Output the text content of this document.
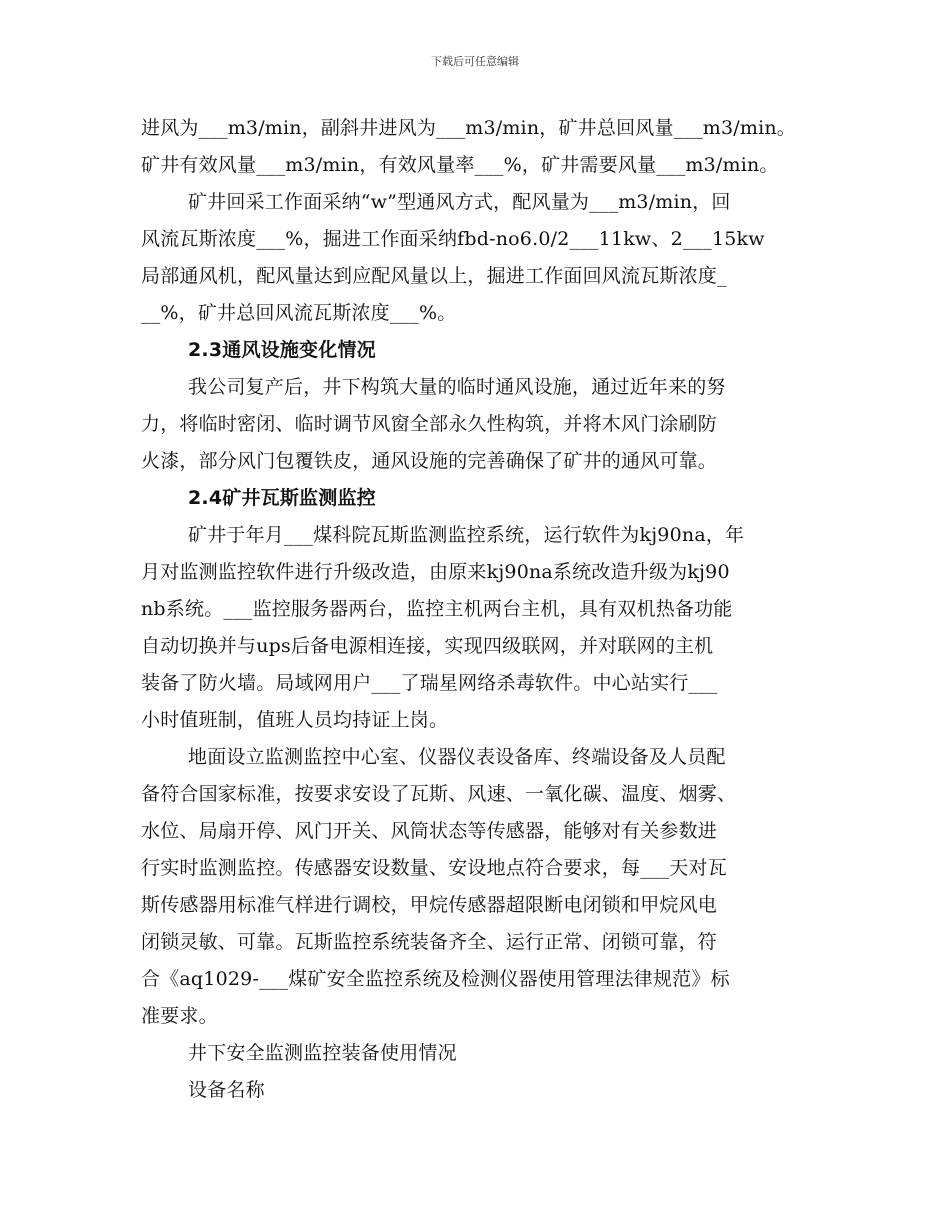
下载后可任意编辑
进风为___m3/min，副斜井进风为___m3/min，矿井总回风量___m3/min。
矿井有效风量___m3/min，有效风量率___%，矿井需要风量___m3/min。
矿井回采工作面采纳“w”型通风方式，配风量为___m3/min，回
风流瓦斯浓度___%，掘进工作面采纳fbd-no6.0/2___11kw、2___15kw
局部通风机，配风量达到应配风量以上，掘进工作面回风流瓦斯浓度_
__%，矿井总回风流瓦斯浓度___%。
2.3通风设施变化情况
我公司复产后，井下构筑大量的临时通风设施，通过近年来的努
力，将临时密闭、临时调节风窗全部永久性构筑，并将木风门涂刷防
火漆，部分风门包覆铁皮，通风设施的完善确保了矿井的通风可靠。
2.4矿井瓦斯监测监控
矿井于年月___煤科院瓦斯监测监控系统，运行软件为kj90na，年
月对监测监控软件进行升级改造，由原来kj90na系统改造升级为kj90
nb系统。___监控服务器两台，监控主机两台主机，具有双机热备功能
自动切换并与ups后备电源相连接，实现四级联网，并对联网的主机
装备了防火墙。局域网用户___了瑞星网络杀毒软件。中心站实行___
小时值班制，值班人员均持证上岗。
地面设立监测监控中心室、仪器仪表设备库、终端设备及人员配
备符合国家标准，按要求安设了瓦斯、风速、一氧化碳、温度、烟雾、
水位、局扇开停、风门开关、风筒状态等传感器，能够对有关参数进
行实时监测监控。传感器安设数量、安设地点符合要求，每___天对瓦
斯传感器用标准气样进行调校，甲烷传感器超限断电闭锁和甲烷风电
闭锁灵敏、可靠。瓦斯监控系统装备齐全、运行正常、闭锁可靠，符
合《aq1029-___煤矿安全监控系统及检测仪器使用管理法律规范》标
准要求。
井下安全监测监控装备使用情况
设备名称
